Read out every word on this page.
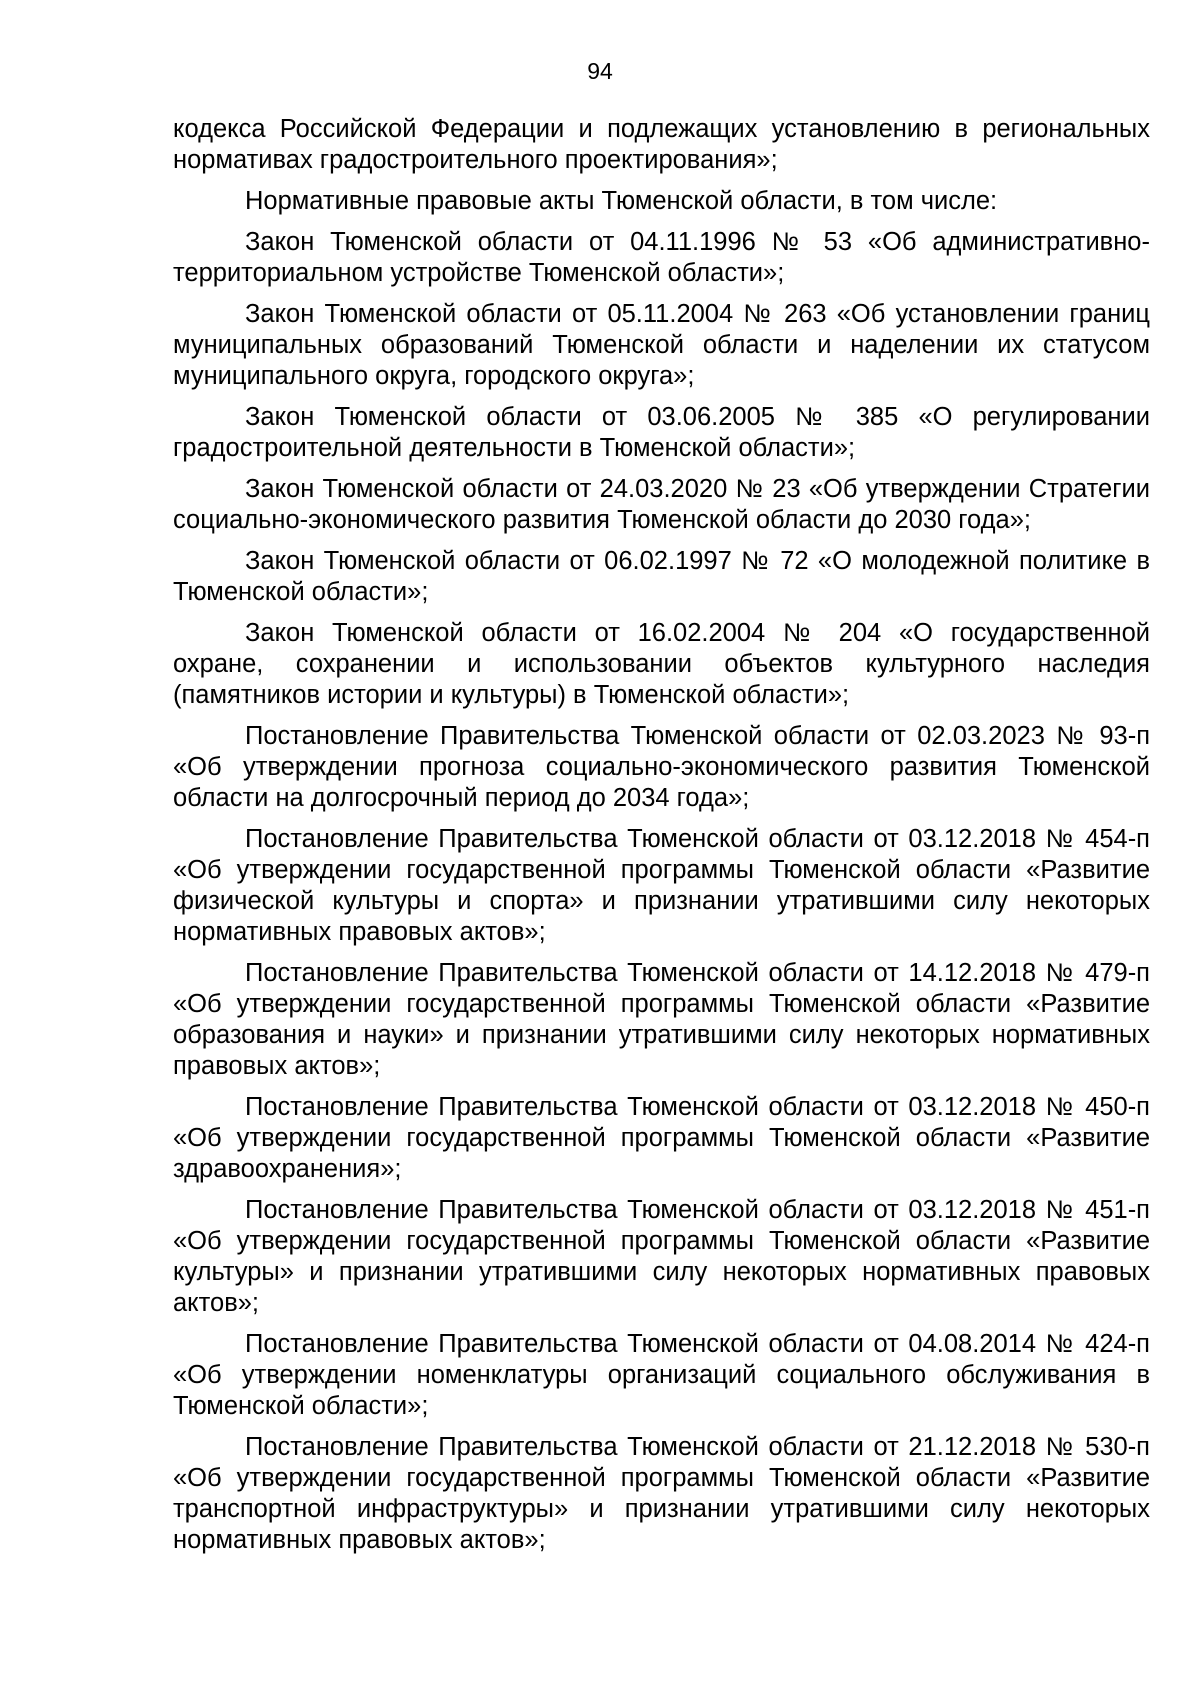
94

кодекса Российской Федерации и подлежащих установлению в региональных нормативах градостроительного проектирования»;

Нормативные правовые акты Тюменской области, в том числе:

Закон Тюменской области от 04.11.1996 № 53 «Об административно-территориальном устройстве Тюменской области»;

Закон Тюменской области от 05.11.2004 № 263 «Об установлении границ муниципальных образований Тюменской области и наделении их статусом муниципального округа, городского округа»;

Закон Тюменской области от 03.06.2005 № 385 «О регулировании градостроительной деятельности в Тюменской области»;

Закон Тюменской области от 24.03.2020 № 23 «Об утверждении Стратегии социально-экономического развития Тюменской области до 2030 года»;

Закон Тюменской области от 06.02.1997 № 72 «О молодежной политике в Тюменской области»;

Закон Тюменской области от 16.02.2004 № 204 «О государственной охране, сохранении и использовании объектов культурного наследия (памятников истории и культуры) в Тюменской области»;

Постановление Правительства Тюменской области от 02.03.2023 № 93-п «Об утверждении прогноза социально-экономического развития Тюменской области на долгосрочный период до 2034 года»;

Постановление Правительства Тюменской области от 03.12.2018 № 454-п «Об утверждении государственной программы Тюменской области «Развитие физической культуры и спорта» и признании утратившими силу некоторых нормативных правовых актов»;

Постановление Правительства Тюменской области от 14.12.2018 № 479-п «Об утверждении государственной программы Тюменской области «Развитие образования и науки» и признании утратившими силу некоторых нормативных правовых актов»;

Постановление Правительства Тюменской области от 03.12.2018 № 450-п «Об утверждении государственной программы Тюменской области «Развитие здравоохранения»;

Постановление Правительства Тюменской области от 03.12.2018 № 451-п «Об утверждении государственной программы Тюменской области «Развитие культуры» и признании утратившими силу некоторых нормативных правовых актов»;

Постановление Правительства Тюменской области от 04.08.2014 № 424-п «Об утверждении номенклатуры организаций социального обслуживания в Тюменской области»;

Постановление Правительства Тюменской области от 21.12.2018 № 530-п «Об утверждении государственной программы Тюменской области «Развитие транспортной инфраструктуры» и признании утратившими силу некоторых нормативных правовых актов»;
